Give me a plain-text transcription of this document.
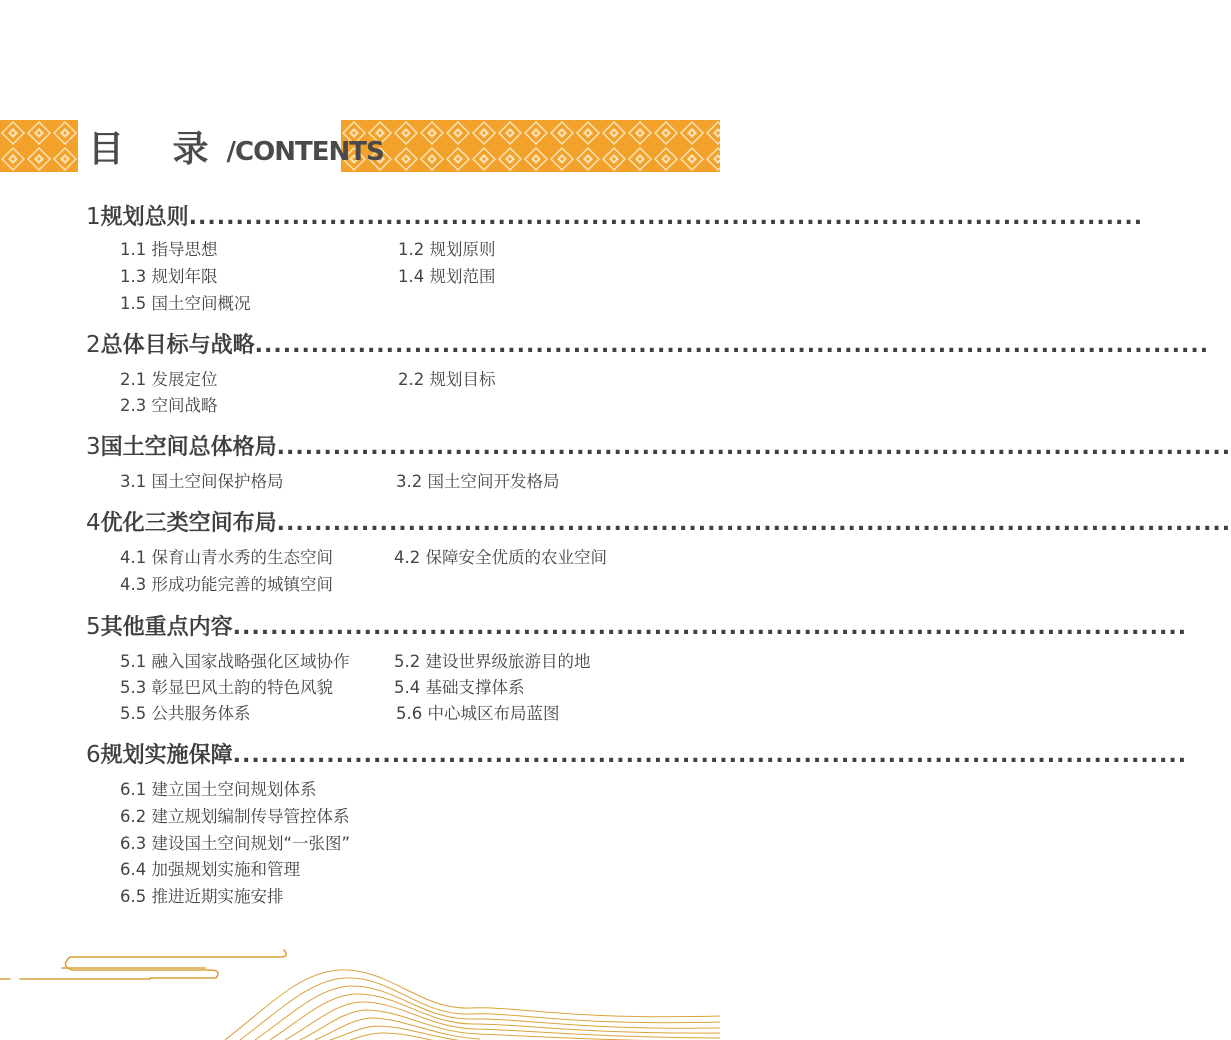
目 录 /CONTENTS
1 规划总则 ......................................................................................................
1.1 指导思想	1.2 规划原则
1.3 规划年限	1.4 规划范围
1.5 国土空间概况
2 总体目标与战略 ......................................................................................................
2.1 发展定位	2.2 规划目标
2.3 空间战略
3 国土空间总体格局 ......................................................................................................
3.1 国土空间保护格局	3.2 国土空间开发格局
4 优化三类空间布局 ......................................................................................................
4.1 保育山青水秀的生态空间	4.2 保障安全优质的农业空间
4.3 形成功能完善的城镇空间
5 其他重点内容 ......................................................................................................
5.1 融入国家战略强化区域协作	5.2 建设世界级旅游目的地
5.3 彰显巴风土韵的特色风貌	5.4 基础支撑体系
5.5 公共服务体系	5.6 中心城区布局蓝图
6 规划实施保障 ......................................................................................................
6.1 建立国土空间规划体系
6.2 建立规划编制传导管控体系
6.3 建设国土空间规划“一张图”
6.4 加强规划实施和管理
6.5 推进近期实施安排
